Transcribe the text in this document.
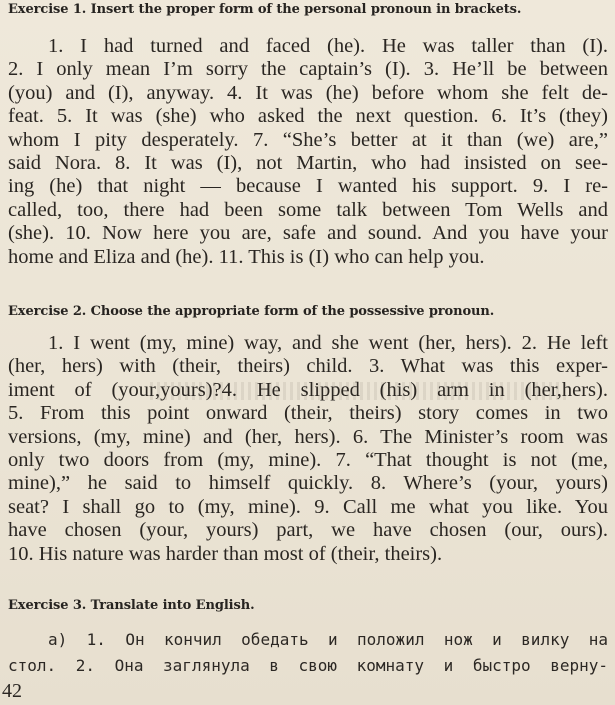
Exercise 1. Insert the proper form of the personal pronoun in brackets.
1. I had turned and faced (he). He was taller than (I).
2. I only mean I’m sorry the captain’s (I). 3. He’ll be between
(you) and (I), anyway. 4. It was (he) before whom she felt de-
feat. 5. It was (she) who asked the next question. 6. It’s (they)
whom I pity desperately. 7. “She’s better at it than (we) are,”
said Nora. 8. It was (I), not Martin, who had insisted on see-
ing (he) that night — because I wanted his support. 9. I re-
called, too, there had been some talk between Tom Wells and
(she). 10. Now here you are, safe and sound. And you have your
home and Eliza and (he). 11. This is (I) who can help you.
Exercise 2. Choose the appropriate form of the possessive pronoun.
1. I went (my, mine) way, and she went (her, hers). 2. He left
(her, hers) with (their, theirs) child. 3. What was this exper-
iment of (your,yours)?4. He slipped (his) arm in (her,hers).
5. From this point onward (their, theirs) story comes in two
versions, (my, mine) and (her, hers). 6. The Minister’s room was
only two doors from (my, mine). 7. “That thought is not (me,
mine),” he said to himself quickly. 8. Where’s (your, yours)
seat? I shall go to (my, mine). 9. Call me what you like. You
have chosen (your, yours) part, we have chosen (our, ours).
10. His nature was harder than most of (their, theirs).
Exercise 3. Translate into English.
а) 1. Он кончил обедать и положил нож и вилку на
стол. 2. Она заглянула в свою комнату и быстро верну-
42
